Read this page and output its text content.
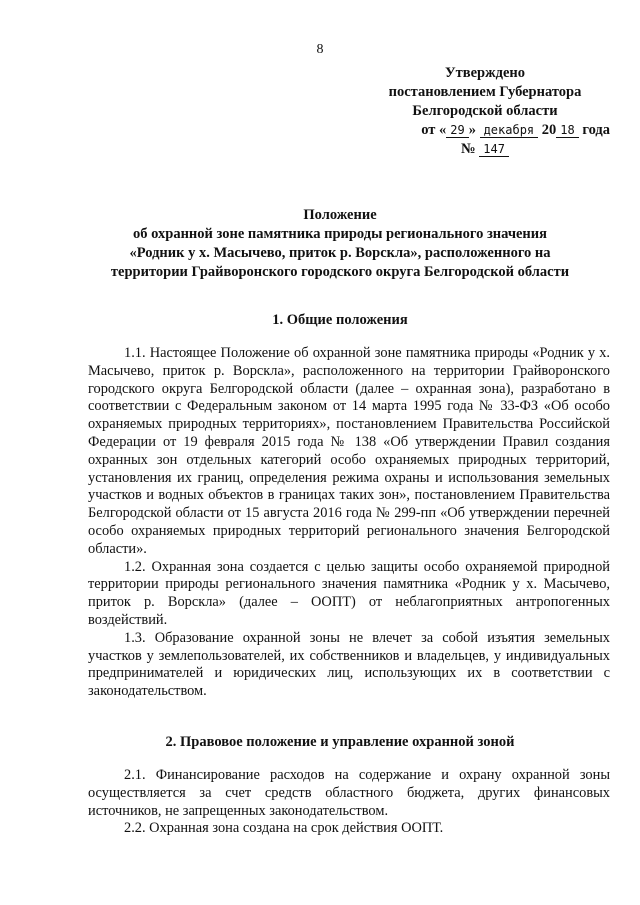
8
Утверждено
постановлением Губернатора
Белгородской области
от « 29 » декабря 20 18 года
№ 147
Положение
об охранной зоне памятника природы регионального значения
«Родник у х. Масычево, приток р. Ворскла», расположенного на
территории Грайворонского городского округа Белгородской области
1. Общие положения

1.1. Настоящее Положение об охранной зоне памятника природы «Родник у х. Масычево, приток р. Ворскла», расположенного на территории Грайворонского городского округа Белгородской области (далее – охранная зона), разработано в соответствии с Федеральным законом от 14 марта 1995 года № 33-ФЗ «Об особо охраняемых природных территориях», постановлением Правительства Российской Федерации от 19 февраля 2015 года № 138 «Об утверждении Правил создания охранных зон отдельных категорий особо охраняемых природных территорий, установления их границ, определения режима охраны и использования земельных участков и водных объектов в границах таких зон», постановлением Правительства Белгородской области от 15 августа 2016 года № 299-пп «Об утверждении перечней особо охраняемых природных территорий регионального значения Белгородской области».

1.2. Охранная зона создается с целью защиты особо охраняемой природной территории природы регионального значения памятника «Родник у х. Масычево, приток р. Ворскла» (далее – ООПТ) от неблагоприятных антропогенных воздействий.

1.3. Образование охранной зоны не влечет за собой изъятия земельных участков у землепользователей, их собственников и владельцев, у индивидуальных предпринимателей и юридических лиц, использующих их в соответствии с законодательством.

2. Правовое положение и управление охранной зоной

2.1. Финансирование расходов на содержание и охрану охранной зоны осуществляется за счет средств областного бюджета, других финансовых источников, не запрещенных законодательством.

2.2. Охранная зона создана на срок действия ООПТ.
